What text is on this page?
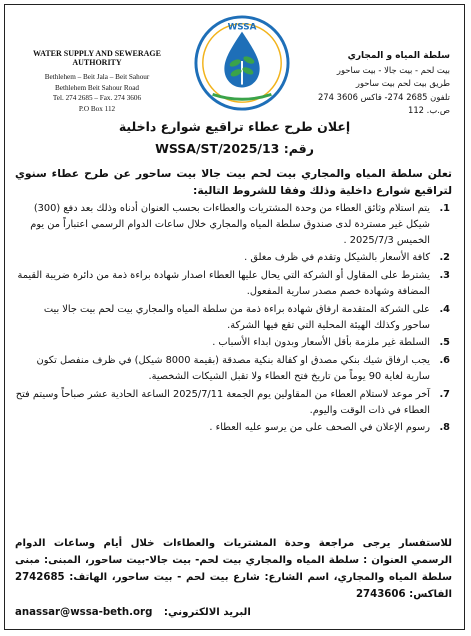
WATER SUPPLY AND SEWERAGE AUTHORITY
Bethlehem – Beit Jala – Beit Sahour
Bethlehem Beit Sahour Road
Tel. 274 2685 – Fax. 274 3606
P.O Box 112
WSSA
سلطة المياه و المجاري
بيت لحم - بيت جالا - بيت ساحور
طريق بيت لحم بيت ساحور
تلفون 2685 274- فاكس 3606 274
ص.ب. 112
إعلان طرح عطاء تراقيع شوارع داخلية
رقم: WSSA/ST/2025/13
تعلن سلطة المياه والمجاري بيت لحم بيت جالا بيت ساحور عن طرح عطاء سنوي لتراقيع شوارع داخلية وذلك وفقا للشروط التالية:
1.
يتم استلام وثائق العطاء من وحدة المشتريات والعطاءات بحسب العنوان أدناه وذلك بعد دفع (300) شيكل غير مستردة لدى صندوق سلطة المياه والمجاري خلال ساعات الدوام الرسمي اعتباراً من يوم الخميس 2025/7/3 .
2.
كافة الأسعار بالشيكل وتقدم في ظرف مغلق .
3.
يشترط على المقاول أو الشركة التي يحال عليها العطاء اصدار شهادة براءة ذمة من دائرة ضريبة القيمة المضافة وشهادة خصم مصدر سارية المفعول.
4.
على الشركة المتقدمة ارفاق شهادة براءة ذمة من سلطة المياه والمجاري بيت لحم بيت جالا بيت ساحور وكذلك الهيئة المحلية التي تقع فيها الشركة.
5.
السلطة غير ملزمة بأقل الأسعار وبدون ابداء الأسباب .
6.
يجب ارفاق شيك بنكي مصدق او كفالة بنكية مصدقة (بقيمة 8000 شيكل) في ظرف منفصل تكون سارية لغاية 90 يوماً من تاريخ فتح العطاء ولا تقبل الشيكات الشخصية.
7.
آخر موعد لاستلام العطاء من المقاولين يوم الجمعة 2025/7/11 الساعة الحادية عشر صباحاً وسيتم فتح العطاء في ذات الوقت واليوم.
8.
رسوم الإعلان في الصحف على من يرسو عليه العطاء .
للاستفسار يرجى مراجعة وحدة المشتريات والعطاءات خلال أيام وساعات الدوام الرسمي العنوان : سلطة المياه والمجاري بيت لحم- بيت جالا-بيت ساحور، المبنى: مبنى سلطة المياه والمجاري، اسم الشارع: شارع بيت لحم - بيت ساحور، الهاتف: 2742685 الفاكس: 2743606
البريد الالكتروني: anassar@wssa-beth.org
